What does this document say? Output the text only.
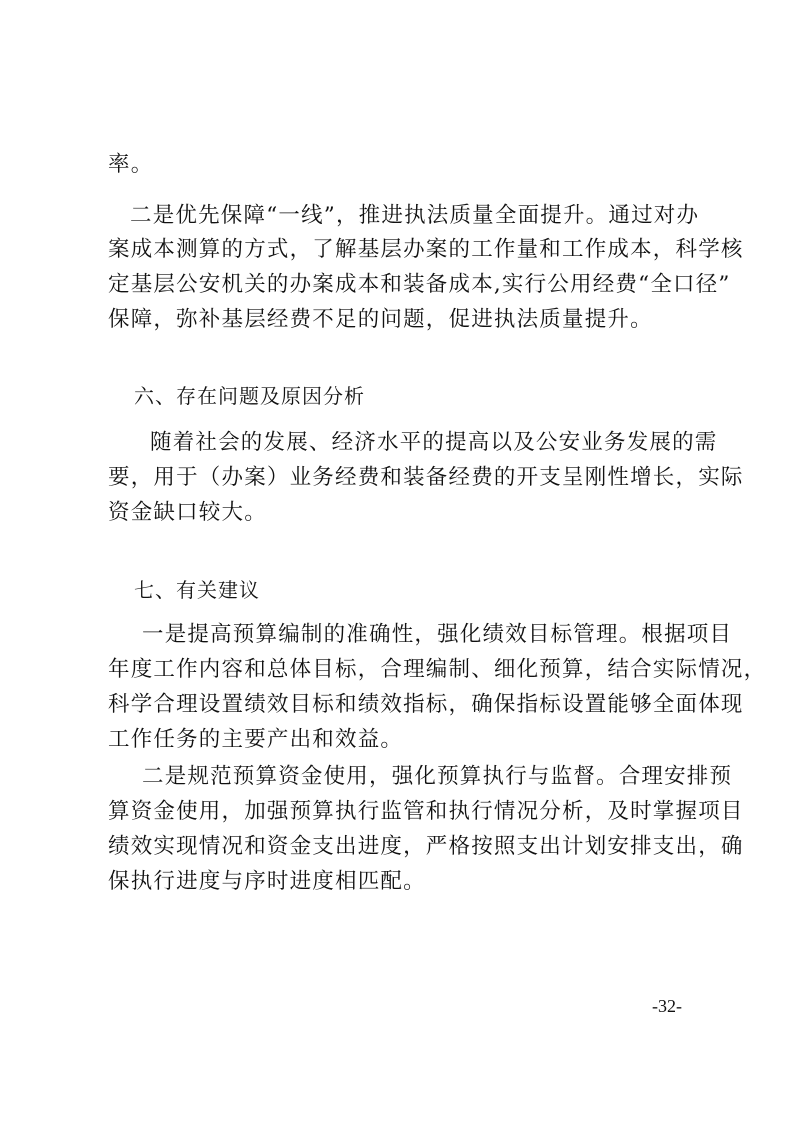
率。
二是优先保障“一线”，推进执法质量全面提升。通过对办
案成本测算的方式，了解基层办案的工作量和工作成本，科学核
定基层公安机关的办案成本和装备成本,实行公用经费“全口径”
保障，弥补基层经费不足的问题，促进执法质量提升。
六、存在问题及原因分析
随着社会的发展、经济水平的提高以及公安业务发展的需
要，用于（办案）业务经费和装备经费的开支呈刚性增长，实际
资金缺口较大。
七、有关建议
一是提高预算编制的准确性，强化绩效目标管理。根据项目
年度工作内容和总体目标，合理编制、细化预算，结合实际情况，
科学合理设置绩效目标和绩效指标，确保指标设置能够全面体现
工作任务的主要产出和效益。
二是规范预算资金使用，强化预算执行与监督。合理安排预
算资金使用，加强预算执行监管和执行情况分析，及时掌握项目
绩效实现情况和资金支出进度，严格按照支出计划安排支出，确
保执行进度与序时进度相匹配。
-32-
